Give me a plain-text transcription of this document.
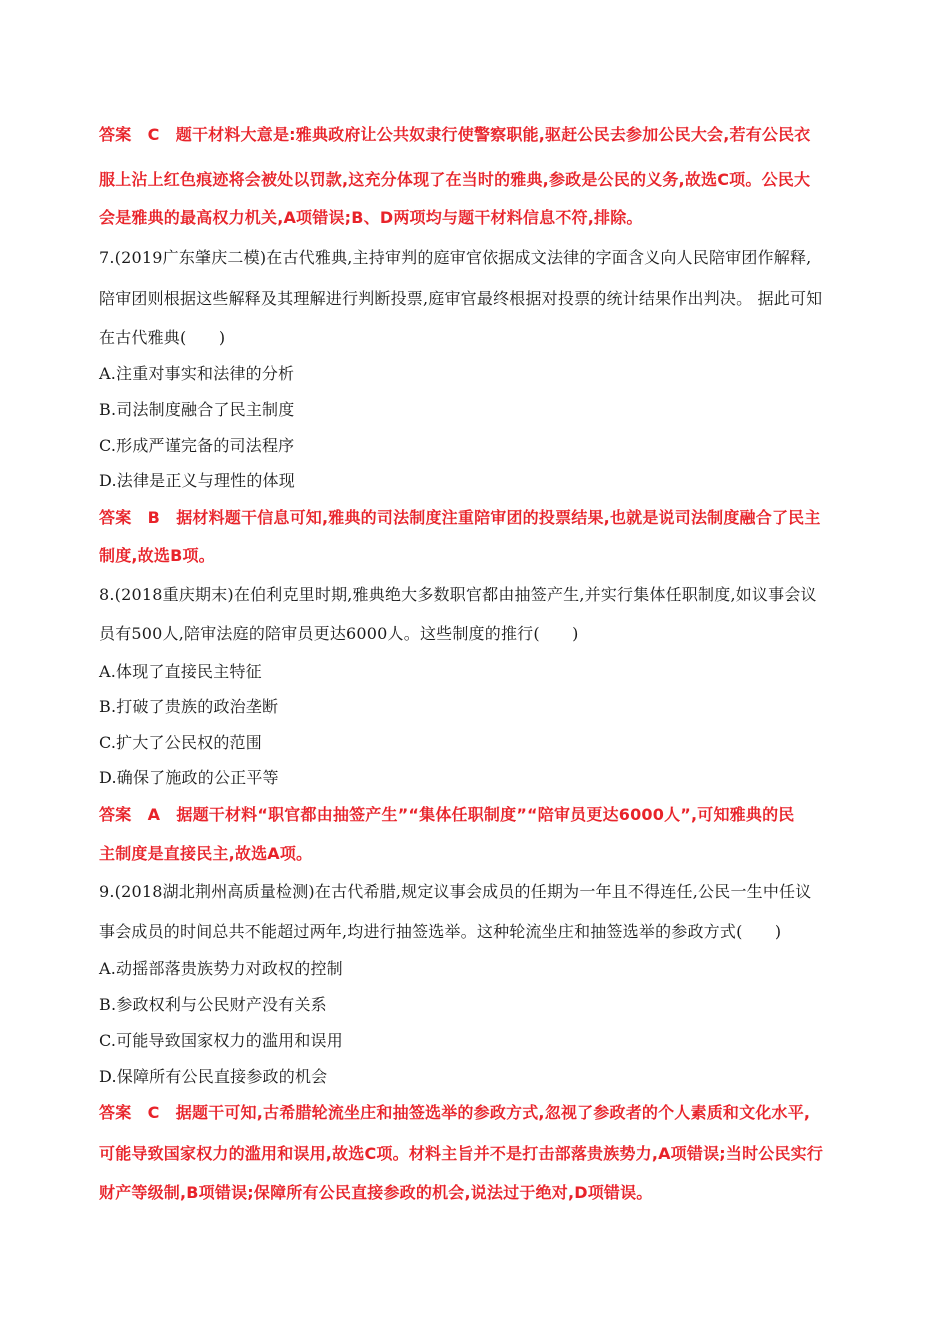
答案　C　题干材料大意是:雅典政府让公共奴隶行使警察职能,驱赶公民去参加公民大会,若有公民衣
服上沾上红色痕迹将会被处以罚款,这充分体现了在当时的雅典,参政是公民的义务,故选C项。公民大
会是雅典的最高权力机关,A项错误;B、D两项均与题干材料信息不符,排除。
7.(2019广东肇庆二模)在古代雅典,主持审判的庭审官依据成文法律的字面含义向人民陪审团作解释,
陪审团则根据这些解释及其理解进行判断投票,庭审官最终根据对投票的统计结果作出判决。 据此可知
在古代雅典(　　)
A.注重对事实和法律的分析
B.司法制度融合了民主制度
C.形成严谨完备的司法程序
D.法律是正义与理性的体现
答案　B　据材料题干信息可知,雅典的司法制度注重陪审团的投票结果,也就是说司法制度融合了民主
制度,故选B项。
8.(2018重庆期末)在伯利克里时期,雅典绝大多数职官都由抽签产生,并实行集体任职制度,如议事会议
员有500人,陪审法庭的陪审员更达6000人。这些制度的推行(　　)
A.体现了直接民主特征
B.打破了贵族的政治垄断
C.扩大了公民权的范围
D.确保了施政的公正平等
答案　A　据题干材料“职官都由抽签产生”“集体任职制度”“陪审员更达6000人”,可知雅典的民
主制度是直接民主,故选A项。
9.(2018湖北荆州高质量检测)在古代希腊,规定议事会成员的任期为一年且不得连任,公民一生中任议
事会成员的时间总共不能超过两年,均进行抽签选举。这种轮流坐庄和抽签选举的参政方式(　　)
A.动摇部落贵族势力对政权的控制
B.参政权利与公民财产没有关系
C.可能导致国家权力的滥用和误用
D.保障所有公民直接参政的机会
答案　C　据题干可知,古希腊轮流坐庄和抽签选举的参政方式,忽视了参政者的个人素质和文化水平,
可能导致国家权力的滥用和误用,故选C项。材料主旨并不是打击部落贵族势力,A项错误;当时公民实行
财产等级制,B项错误;保障所有公民直接参政的机会,说法过于绝对,D项错误。
